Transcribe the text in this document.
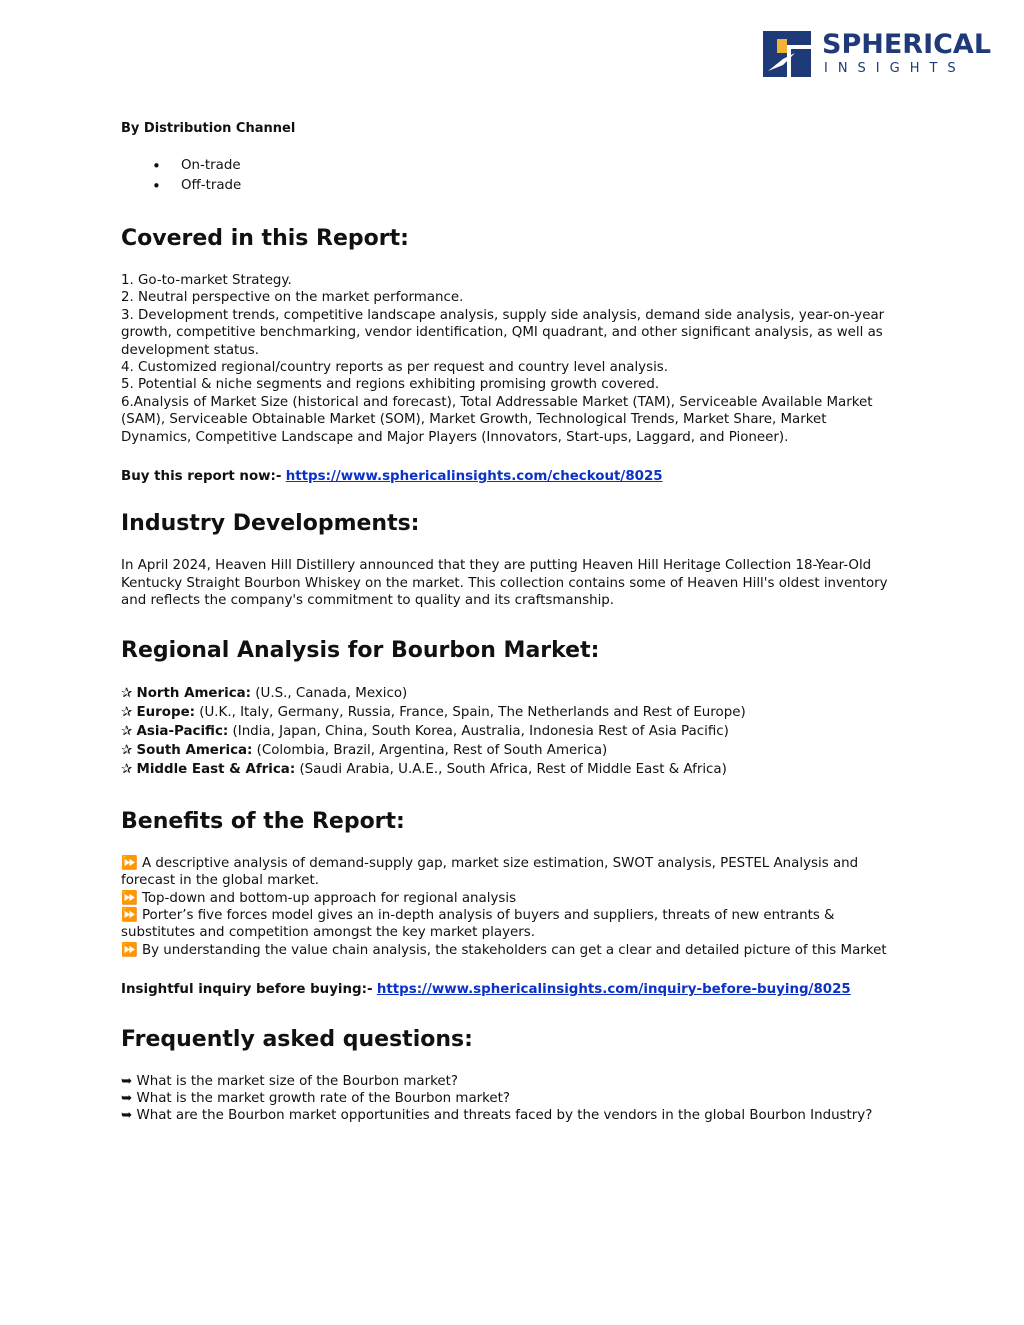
SPHERICAL
INSIGHTS

By Distribution Channel

• On-trade
• Off-trade
Covered in this Report:
1. Go-to-market Strategy.
2. Neutral perspective on the market performance.
3. Development trends, competitive landscape analysis, supply side analysis, demand side analysis, year-on-year growth, competitive benchmarking, vendor identification, QMI quadrant, and other significant analysis, as well as development status.
4. Customized regional/country reports as per request and country level analysis.
5. Potential & niche segments and regions exhibiting promising growth covered.
6.Analysis of Market Size (historical and forecast), Total Addressable Market (TAM), Serviceable Available Market (SAM), Serviceable Obtainable Market (SOM), Market Growth, Technological Trends, Market Share, Market Dynamics, Competitive Landscape and Major Players (Innovators, Start-ups, Laggard, and Pioneer).

Buy this report now:- https://www.sphericalinsights.com/checkout/8025

Industry Developments:

In April 2024, Heaven Hill Distillery announced that they are putting Heaven Hill Heritage Collection 18-Year-Old Kentucky Straight Bourbon Whiskey on the market. This collection contains some of Heaven Hill's oldest inventory and reflects the company's commitment to quality and its craftsmanship.

Regional Analysis for Bourbon Market:
✰ North America: (U.S., Canada, Mexico)
✰ Europe: (U.K., Italy, Germany, Russia, France, Spain, The Netherlands and Rest of Europe)
✰ Asia-Pacific: (India, Japan, China, South Korea, Australia, Indonesia Rest of Asia Pacific)
✰ South America: (Colombia, Brazil, Argentina, Rest of South America)
✰ Middle East & Africa: (Saudi Arabia, U.A.E., South Africa, Rest of Middle East & Africa)
Benefits of the Report:
⏩ A descriptive analysis of demand-supply gap, market size estimation, SWOT analysis, PESTEL Analysis and forecast in the global market.
⏩ Top-down and bottom-up approach for regional analysis
⏩ Porter’s five forces model gives an in-depth analysis of buyers and suppliers, threats of new entrants & substitutes and competition amongst the key market players.
⏩ By understanding the value chain analysis, the stakeholders can get a clear and detailed picture of this Market

Insightful inquiry before buying:- https://www.sphericalinsights.com/inquiry-before-buying/8025

Frequently asked questions:
➥ What is the market size of the Bourbon market?
➥ What is the market growth rate of the Bourbon market?
➥ What are the Bourbon market opportunities and threats faced by the vendors in the global Bourbon Industry?
